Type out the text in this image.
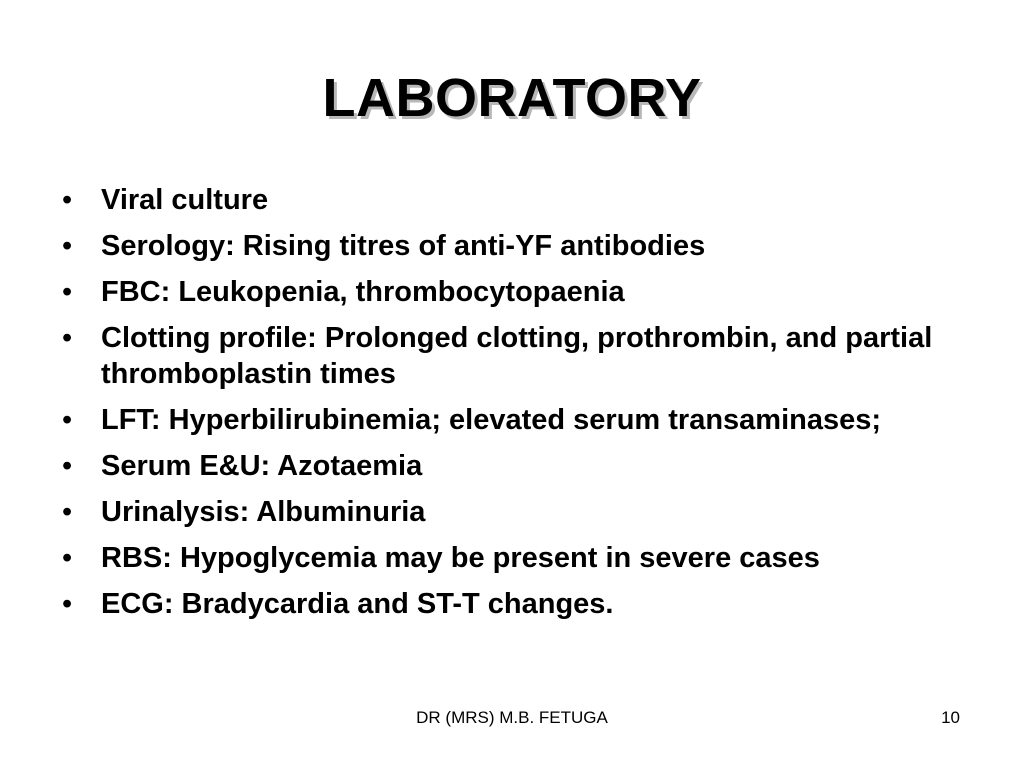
LABORATORY
• Viral culture
• Serology: Rising titres of anti-YF antibodies
• FBC: Leukopenia, thrombocytopaenia
• Clotting profile: Prolonged clotting, prothrombin, and partial thromboplastin times
• LFT: Hyperbilirubinemia; elevated serum transaminases;
• Serum E&U: Azotaemia
• Urinalysis: Albuminuria
• RBS: Hypoglycemia may be present in severe cases
• ECG: Bradycardia and ST-T changes.
DR (MRS) M.B. FETUGA	10
